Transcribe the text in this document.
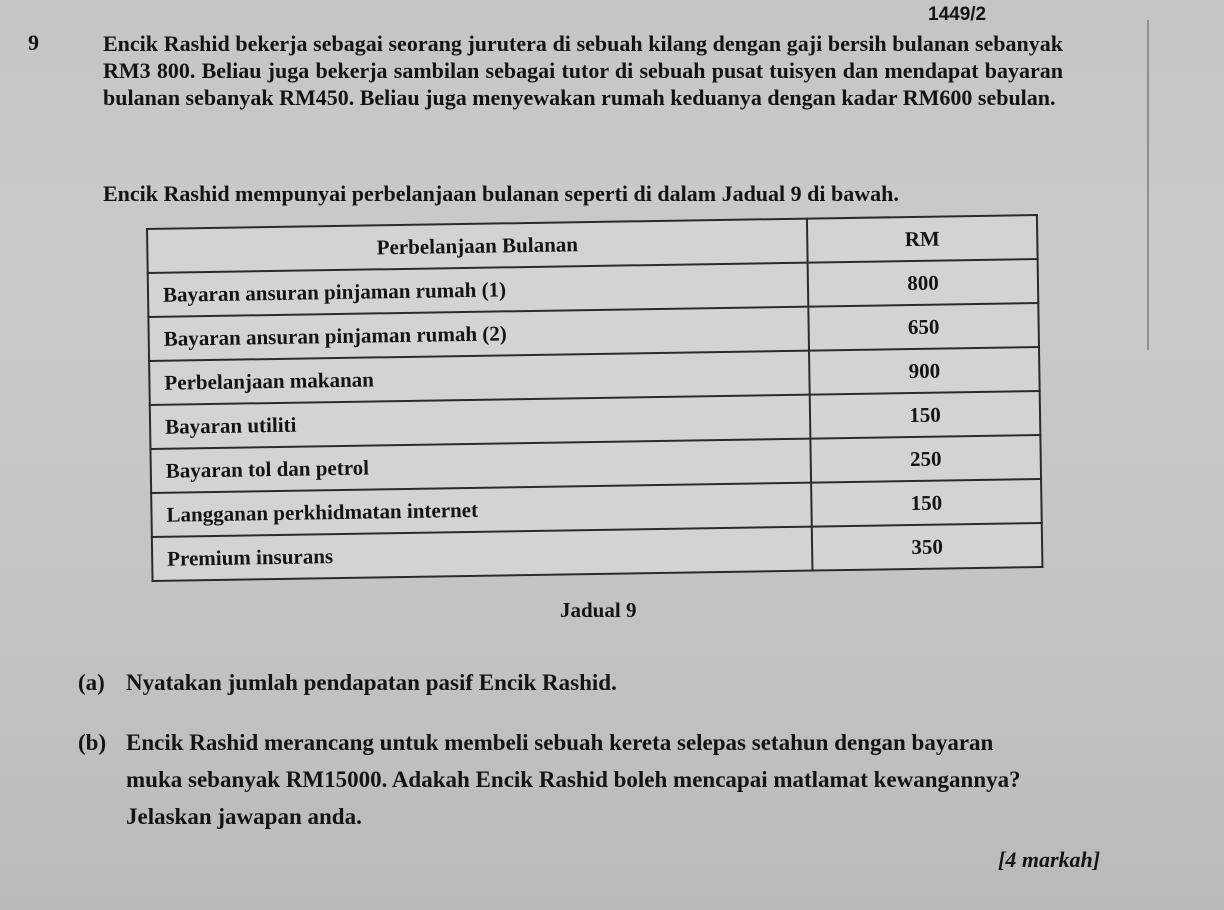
1449/2
9	Encik Rashid bekerja sebagai seorang jurutera di sebuah kilang dengan gaji bersih bulanan sebanyak RM3 800. Beliau juga bekerja sambilan sebagai tutor di sebuah pusat tuisyen dan mendapat bayaran bulanan sebanyak RM450. Beliau juga menyewakan rumah keduanya dengan kadar RM600 sebulan.

Encik Rashid mempunyai perbelanjaan bulanan seperti di dalam Jadual 9 di bawah.

Perbelanjaan Bulanan	RM
Bayaran ansuran pinjaman rumah (1)	800
Bayaran ansuran pinjaman rumah (2)	650
Perbelanjaan makanan	900
Bayaran utiliti	150
Bayaran tol dan petrol	250
Langganan perkhidmatan internet	150
Premium insurans	350
Jadual 9
(a) Nyatakan jumlah pendapatan pasif Encik Rashid.
(b) Encik Rashid merancang untuk membeli sebuah kereta selepas setahun dengan bayaran
muka sebanyak RM15000. Adakah Encik Rashid boleh mencapai matlamat kewangannya?
Jelaskan jawapan anda.
[4 markah]
